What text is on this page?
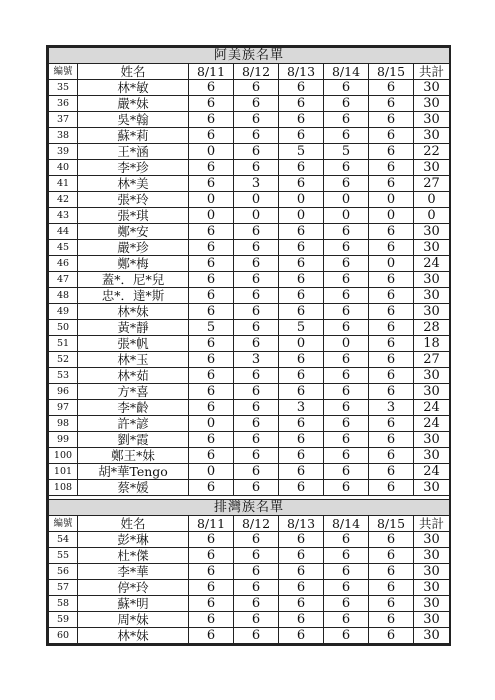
阿美族名單							
編號	姓名	8/11	8/12	8/13	8/14	8/15	共計
35	林*敏	6	6	6	6	6	30
36	嚴*妹	6	6	6	6	6	30
37	吳*翰	6	6	6	6	6	30
38	蘇*莉	6	6	6	6	6	30
39	王*涵	0	6	5	5	6	22
40	李*珍	6	6	6	6	6	30
41	林*美	6	3	6	6	6	27
42	張*玲	0	0	0	0	0	0
43	張*琪	0	0	0	0	0	0
44	鄭*安	6	6	6	6	6	30
45	嚴*珍	6	6	6	6	6	30
46	鄭*梅	6	6	6	6	0	24
47	蓋*．尼*兒	6	6	6	6	6	30
48	忠*．達*斯	6	6	6	6	6	30
49	林*妹	6	6	6	6	6	30
50	黃*靜	5	6	5	6	6	28
51	張*帆	6	6	0	0	6	18
52	林*玉	6	3	6	6	6	27
53	林*茹	6	6	6	6	6	30
96	方*喜	6	6	6	6	6	30
97	李*齡	6	6	3	6	3	24
98	許*諺	0	6	6	6	6	24
99	劉*霞	6	6	6	6	6	30
100	鄭王*妹	6	6	6	6	6	30
101	胡*華Tengo	0	6	6	6	6	24
108	蔡*媛	6	6	6	6	6	30

排灣族名單							
編號	姓名	8/11	8/12	8/13	8/14	8/15	共計
54	彭*琳	6	6	6	6	6	30
55	杜*傑	6	6	6	6	6	30
56	李*華	6	6	6	6	6	30
57	停*玲	6	6	6	6	6	30
58	蘇*明	6	6	6	6	6	30
59	周*妹	6	6	6	6	6	30
60	林*妹	6	6	6	6	6	30
